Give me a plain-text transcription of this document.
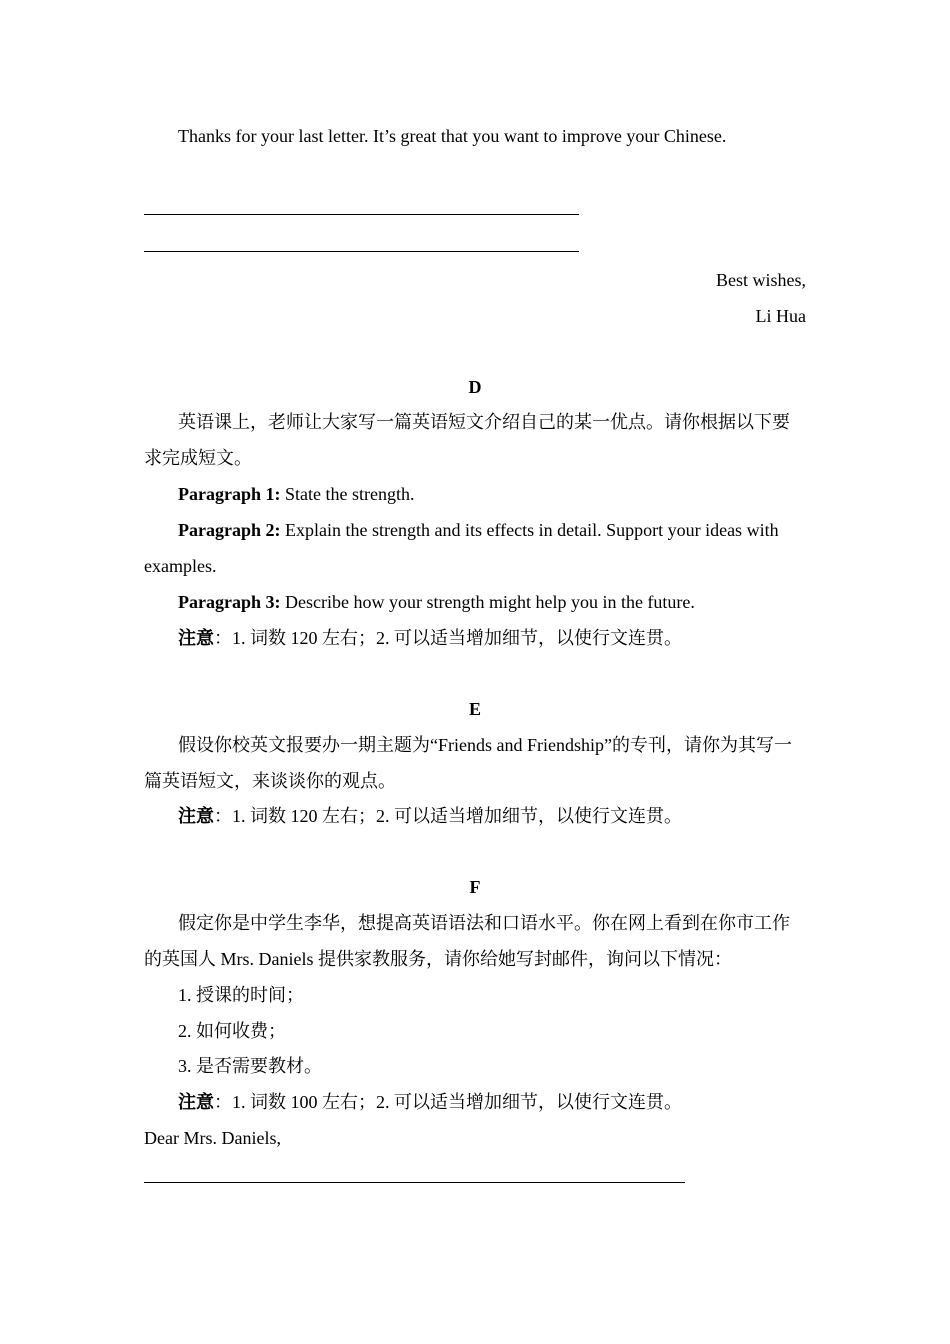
Thanks for your last letter. It’s great that you want to improve your Chinese.
Best wishes,
Li Hua
D
英语课上，老师让大家写一篇英语短文介绍自己的某一优点。请你根据以下要求完成短文。
Paragraph 1: State the strength.
Paragraph 2: Explain the strength and its effects in detail. Support your ideas with examples.
Paragraph 3: Describe how your strength might help you in the future.
注意：1. 词数 120 左右；2. 可以适当增加细节，以使行文连贯。
E
假设你校英文报要办一期主题为“Friends and Friendship”的专刊，请你为其写一篇英语短文，来谈谈你的观点。
注意：1. 词数 120 左右；2. 可以适当增加细节，以使行文连贯。
F
假定你是中学生李华，想提高英语语法和口语水平。你在网上看到在你市工作的英国人 Mrs. Daniels 提供家教服务，请你给她写封邮件，询问以下情况：
1. 授课的时间；
2. 如何收费；
3. 是否需要教材。
注意：1. 词数 100 左右；2. 可以适当增加细节，以使行文连贯。
Dear Mrs. Daniels,
